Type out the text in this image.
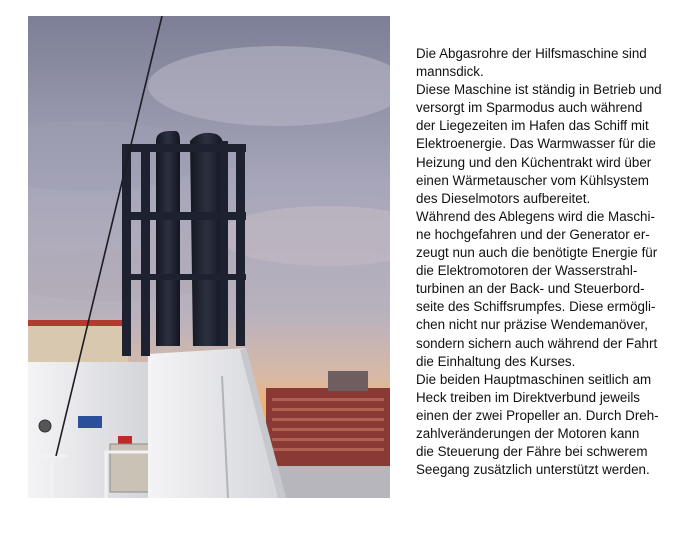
Die Abgasrohre der Hilfsmaschine sind
mannsdick.
Diese Maschine ist ständig in Betrieb und
versorgt im Sparmodus auch während
der Liegezeiten im Hafen das Schiff mit
Elektroenergie. Das Warmwasser für die
Heizung und den Küchentrakt wird über
einen Wärmetauscher vom Kühlsystem
des Dieselmotors aufbereitet.
Während des Ablegens wird die Maschi-
ne hochgefahren und der Generator er-
zeugt nun auch die benötigte Energie für
die Elektromotoren der Wasserstrahl-
turbinen an der Back- und Steuerbord-
seite des Schiffsrumpfes. Diese ermögli-
chen nicht nur präzise Wendemanöver,
sondern sichern auch während der Fahrt
die Einhaltung des Kurses.
Die beiden Hauptmaschinen seitlich am
Heck treiben im Direktverbund jeweils
einen der zwei Propeller an. Durch Dreh-
zahlveränderungen der Motoren kann
die Steuerung der Fähre bei schwerem
Seegang zusätzlich unterstützt werden.
